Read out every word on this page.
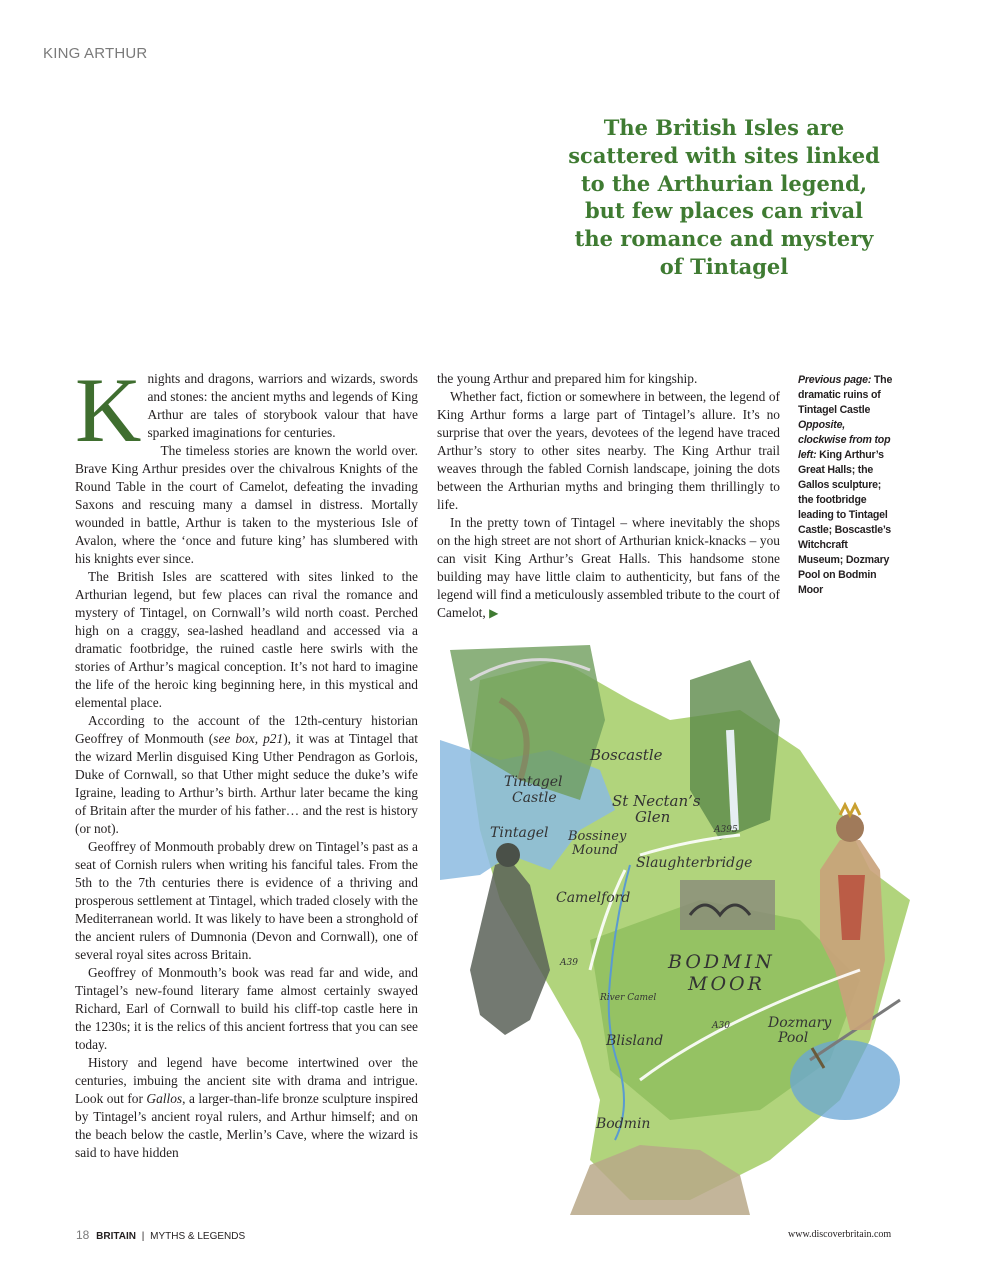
KING ARTHUR
The British Isles are scattered with sites linked to the Arthurian legend, but few places can rival the romance and mystery of Tintagel
K nights and dragons, warriors and wizards, swords and stones: the ancient myths and legends of King Arthur are tales of storybook valour that have sparked imaginations for centuries.

The timeless stories are known the world over. Brave King Arthur presides over the chivalrous Knights of the Round Table in the court of Camelot, defeating the invading Saxons and rescuing many a damsel in distress. Mortally wounded in battle, Arthur is taken to the mysterious Isle of Avalon, where the ‘once and future king’ has slumbered with his knights ever since.

The British Isles are scattered with sites linked to the Arthurian legend, but few places can rival the romance and mystery of Tintagel, on Cornwall’s wild north coast. Perched high on a craggy, sea-lashed headland and accessed via a dramatic footbridge, the ruined castle here swirls with the stories of Arthur’s magical conception. It’s not hard to imagine the life of the heroic king beginning here, in this mystical and elemental place.

According to the account of the 12th-century historian Geoffrey of Monmouth (see box, p21), it was at Tintagel that the wizard Merlin disguised King Uther Pendragon as Gorlois, Duke of Cornwall, so that Uther might seduce the duke’s wife Igraine, leading to Arthur’s birth. Arthur later became the king of Britain after the murder of his father… and the rest is history (or not).

Geoffrey of Monmouth probably drew on Tintagel’s past as a seat of Cornish rulers when writing his fanciful tales. From the 5th to the 7th centuries there is evidence of a thriving and prosperous settlement at Tintagel, which traded closely with the Mediterranean world. It was likely to have been a stronghold of the ancient rulers of Dumnonia (Devon and Cornwall), one of several royal sites across Britain.

Geoffrey of Monmouth’s book was read far and wide, and Tintagel’s new-found literary fame almost certainly swayed Richard, Earl of Cornwall to build his cliff-top castle here in the 1230s; it is the relics of this ancient fortress that you can see today.

History and legend have become intertwined over the centuries, imbuing the ancient site with drama and intrigue. Look out for Gallos, a larger-than-life bronze sculpture inspired by Tintagel’s ancient royal rulers, and Arthur himself; and on the beach below the castle, Merlin’s Cave, where the wizard is said to have hidden

the young Arthur and prepared him for kingship.

Whether fact, fiction or somewhere in between, the legend of King Arthur forms a large part of Tintagel’s allure. It’s no surprise that over the years, devotees of the legend have traced Arthur’s story to other sites nearby. The King Arthur trail weaves through the fabled Cornish landscape, joining the dots between the Arthurian myths and bringing them thrillingly to life.

In the pretty town of Tintagel – where inevitably the shops on the high street are not short of Arthurian knick-knacks – you can visit King Arthur’s Great Halls. This handsome stone building may have little claim to authenticity, but fans of the legend will find a meticulously assembled tribute to the court of Camelot, ▶

Previous page: The dramatic ruins of Tintagel Castle Opposite, clockwise from top left: King Arthur’s Great Halls; the Gallos sculpture; the footbridge leading to Tintagel Castle; Boscastle’s Witchcraft Museum; Dozmary Pool on Bodmin Moor
Boscastle
Tintagel
Castle
Tintagel
St Nectan’s
Glen
Bossiney
Mound
A395
Slaughterbridge
Camelford
A39	BODMIN
MOOR
River Camel
A30
Blisland
Dozmary
Pool
Bodmin
18 BRITAIN | MYTHS & LEGENDS	www.discoverbritain.com
